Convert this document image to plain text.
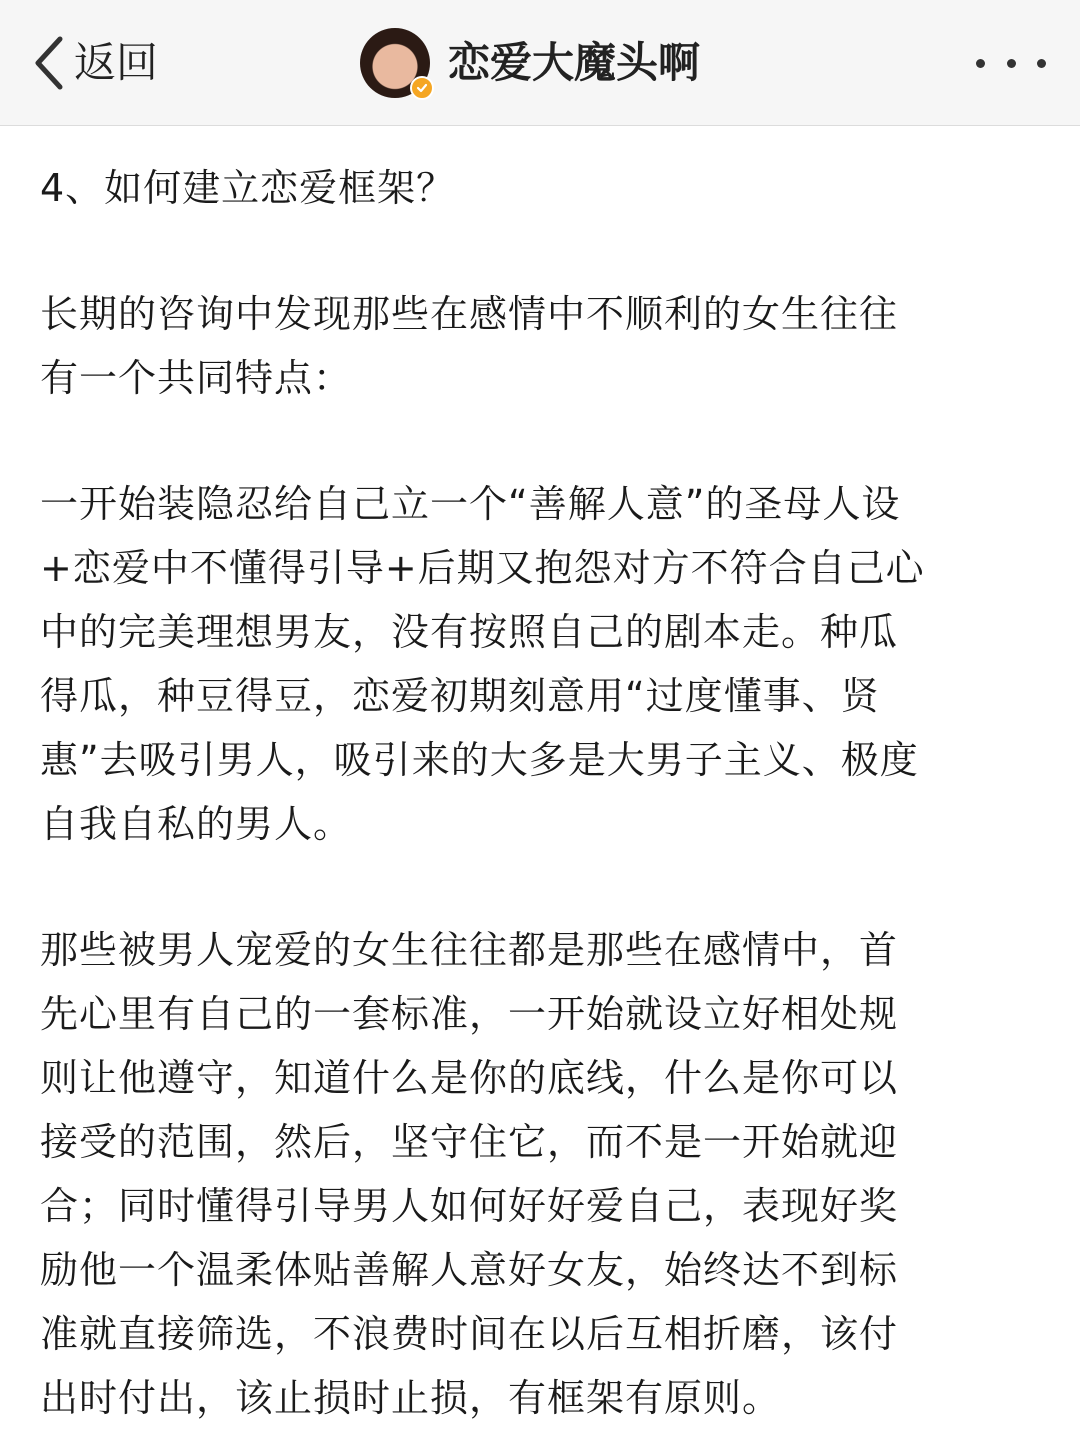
返回	恋爱大魔头啊

4、如何建立恋爱框架？

长期的咨询中发现那些在感情中不顺利的女生往往
有一个共同特点：

一开始装隐忍给自己立一个“善解人意”的圣母人设
+恋爱中不懂得引导+后期又抱怨对方不符合自己心
中的完美理想男友，没有按照自己的剧本走。种瓜
得瓜，种豆得豆，恋爱初期刻意用“过度懂事、贤
惠”去吸引男人，吸引来的大多是大男子主义、极度
自我自私的男人。

那些被男人宠爱的女生往往都是那些在感情中，首
先心里有自己的一套标准，一开始就设立好相处规
则让他遵守，知道什么是你的底线，什么是你可以
接受的范围，然后，坚守住它，而不是一开始就迎
合；同时懂得引导男人如何好好爱自己，表现好奖
励他一个温柔体贴善解人意好女友，始终达不到标
准就直接筛选，不浪费时间在以后互相折磨，该付
出时付出，该止损时止损，有框架有原则。
